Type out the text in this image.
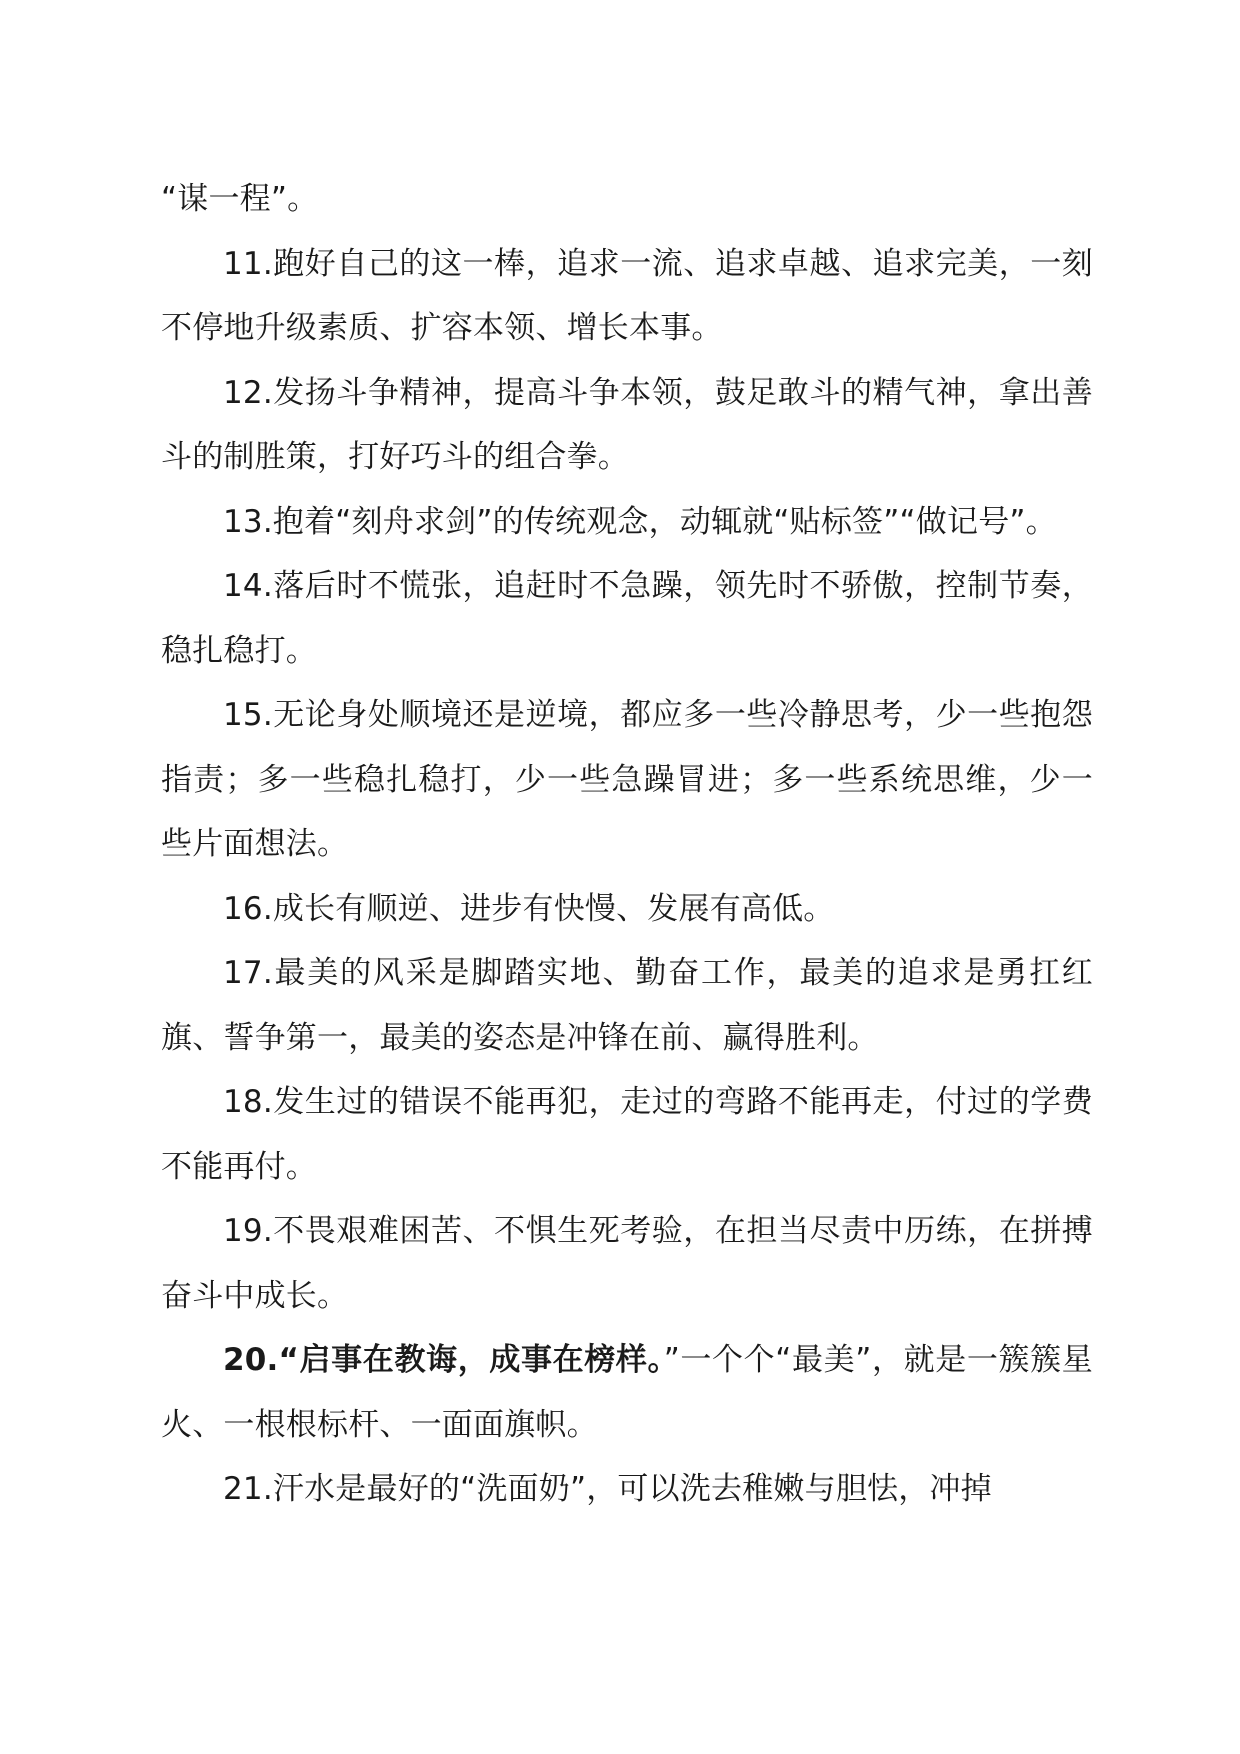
“谋一程”。

11.跑好自己的这一棒，追求一流、追求卓越、追求完美，一刻不停地升级素质、扩容本领、增长本事。

12.发扬斗争精神，提高斗争本领，鼓足敢斗的精气神，拿出善斗的制胜策，打好巧斗的组合拳。

13.抱着“刻舟求剑”的传统观念，动辄就“贴标签”“做记号”。

14.落后时不慌张，追赶时不急躁，领先时不骄傲，控制节奏，稳扎稳打。

15.无论身处顺境还是逆境，都应多一些冷静思考，少一些抱怨指责；多一些稳扎稳打，少一些急躁冒进；多一些系统思维，少一些片面想法。

16.成长有顺逆、进步有快慢、发展有高低。

17.最美的风采是脚踏实地、勤奋工作，最美的追求是勇扛红旗、誓争第一，最美的姿态是冲锋在前、赢得胜利。

18.发生过的错误不能再犯，走过的弯路不能再走，付过的学费不能再付。

19.不畏艰难困苦、不惧生死考验，在担当尽责中历练，在拼搏奋斗中成长。

20.“启事在教诲，成事在榜样。”一个个“最美”，就是一簇簇星火、一根根标杆、一面面旗帜。

21.汗水是最好的“洗面奶”，可以洗去稚嫩与胆怯，冲掉
